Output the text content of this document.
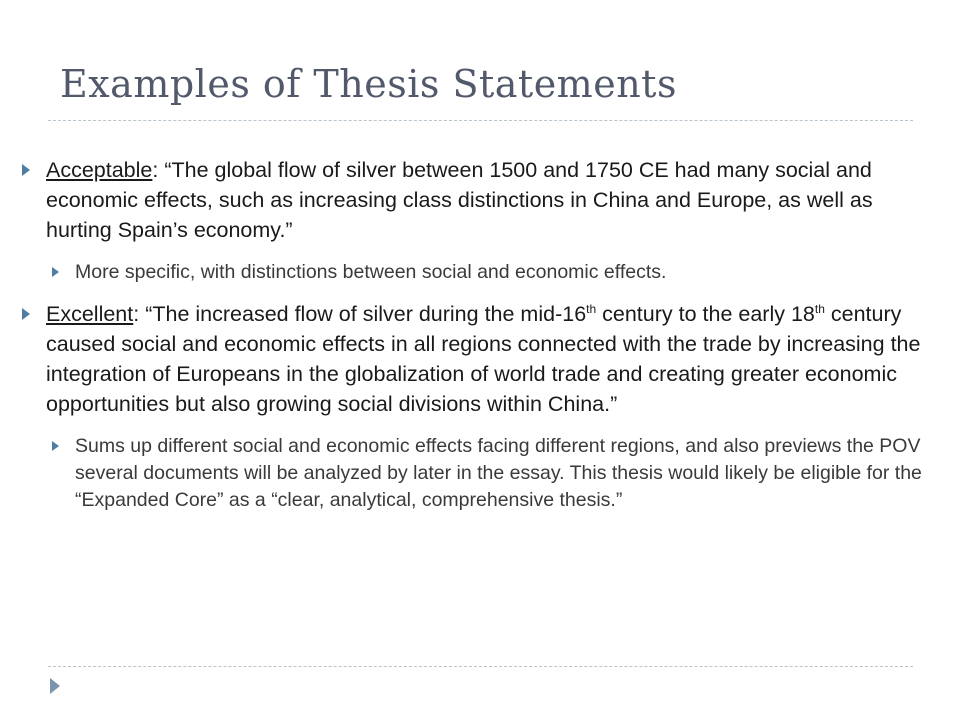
Examples of Thesis Statements
Acceptable: “The global flow of silver between 1500 and 1750 CE had many social and economic effects, such as increasing class distinctions in China and Europe, as well as hurting Spain’s economy.”
More specific, with distinctions between social and economic effects.
Excellent: “The increased flow of silver during the mid-16th century to the early 18th century caused social and economic effects in all regions connected with the trade by increasing the integration of Europeans in the globalization of world trade and creating greater economic opportunities but also growing social divisions within China.”
Sums up different social and economic effects facing different regions, and also previews the POV several documents will be analyzed by later in the essay. This thesis would likely be eligible for the “Expanded Core” as a “clear, analytical, comprehensive thesis.”
